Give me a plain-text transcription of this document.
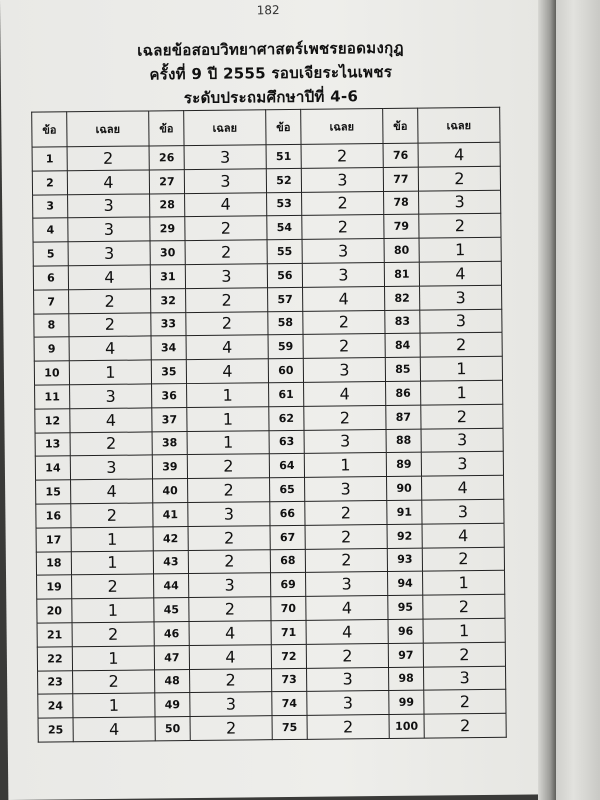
182
เฉลยข้อสอบวิทยาศาสตร์เพชรยอดมงกุฎ
ครั้งที่ 9 ปี 2555 รอบเจียระไนเพชร
ระดับประถมศึกษาปีที่ 4-6
ข้อ	เฉลย	ข้อ	เฉลย	ข้อ	เฉลย	ข้อ	เฉลย
1	2	26	3	51	2	76	4
2	4	27	3	52	3	77	2
3	3	28	4	53	2	78	3
4	3	29	2	54	2	79	2
5	3	30	2	55	3	80	1
6	4	31	3	56	3	81	4
7	2	32	2	57	4	82	3
8	2	33	2	58	2	83	3
9	4	34	4	59	2	84	2
10	1	35	4	60	3	85	1
11	3	36	1	61	4	86	1
12	4	37	1	62	2	87	2
13	2	38	1	63	3	88	3
14	3	39	2	64	1	89	3
15	4	40	2	65	3	90	4
16	2	41	3	66	2	91	3
17	1	42	2	67	2	92	4
18	1	43	2	68	2	93	2
19	2	44	3	69	3	94	1
20	1	45	2	70	4	95	2
21	2	46	4	71	4	96	1
22	1	47	4	72	2	97	2
23	2	48	2	73	3	98	3
24	1	49	3	74	3	99	2
25	4	50	2	75	2	100	2
